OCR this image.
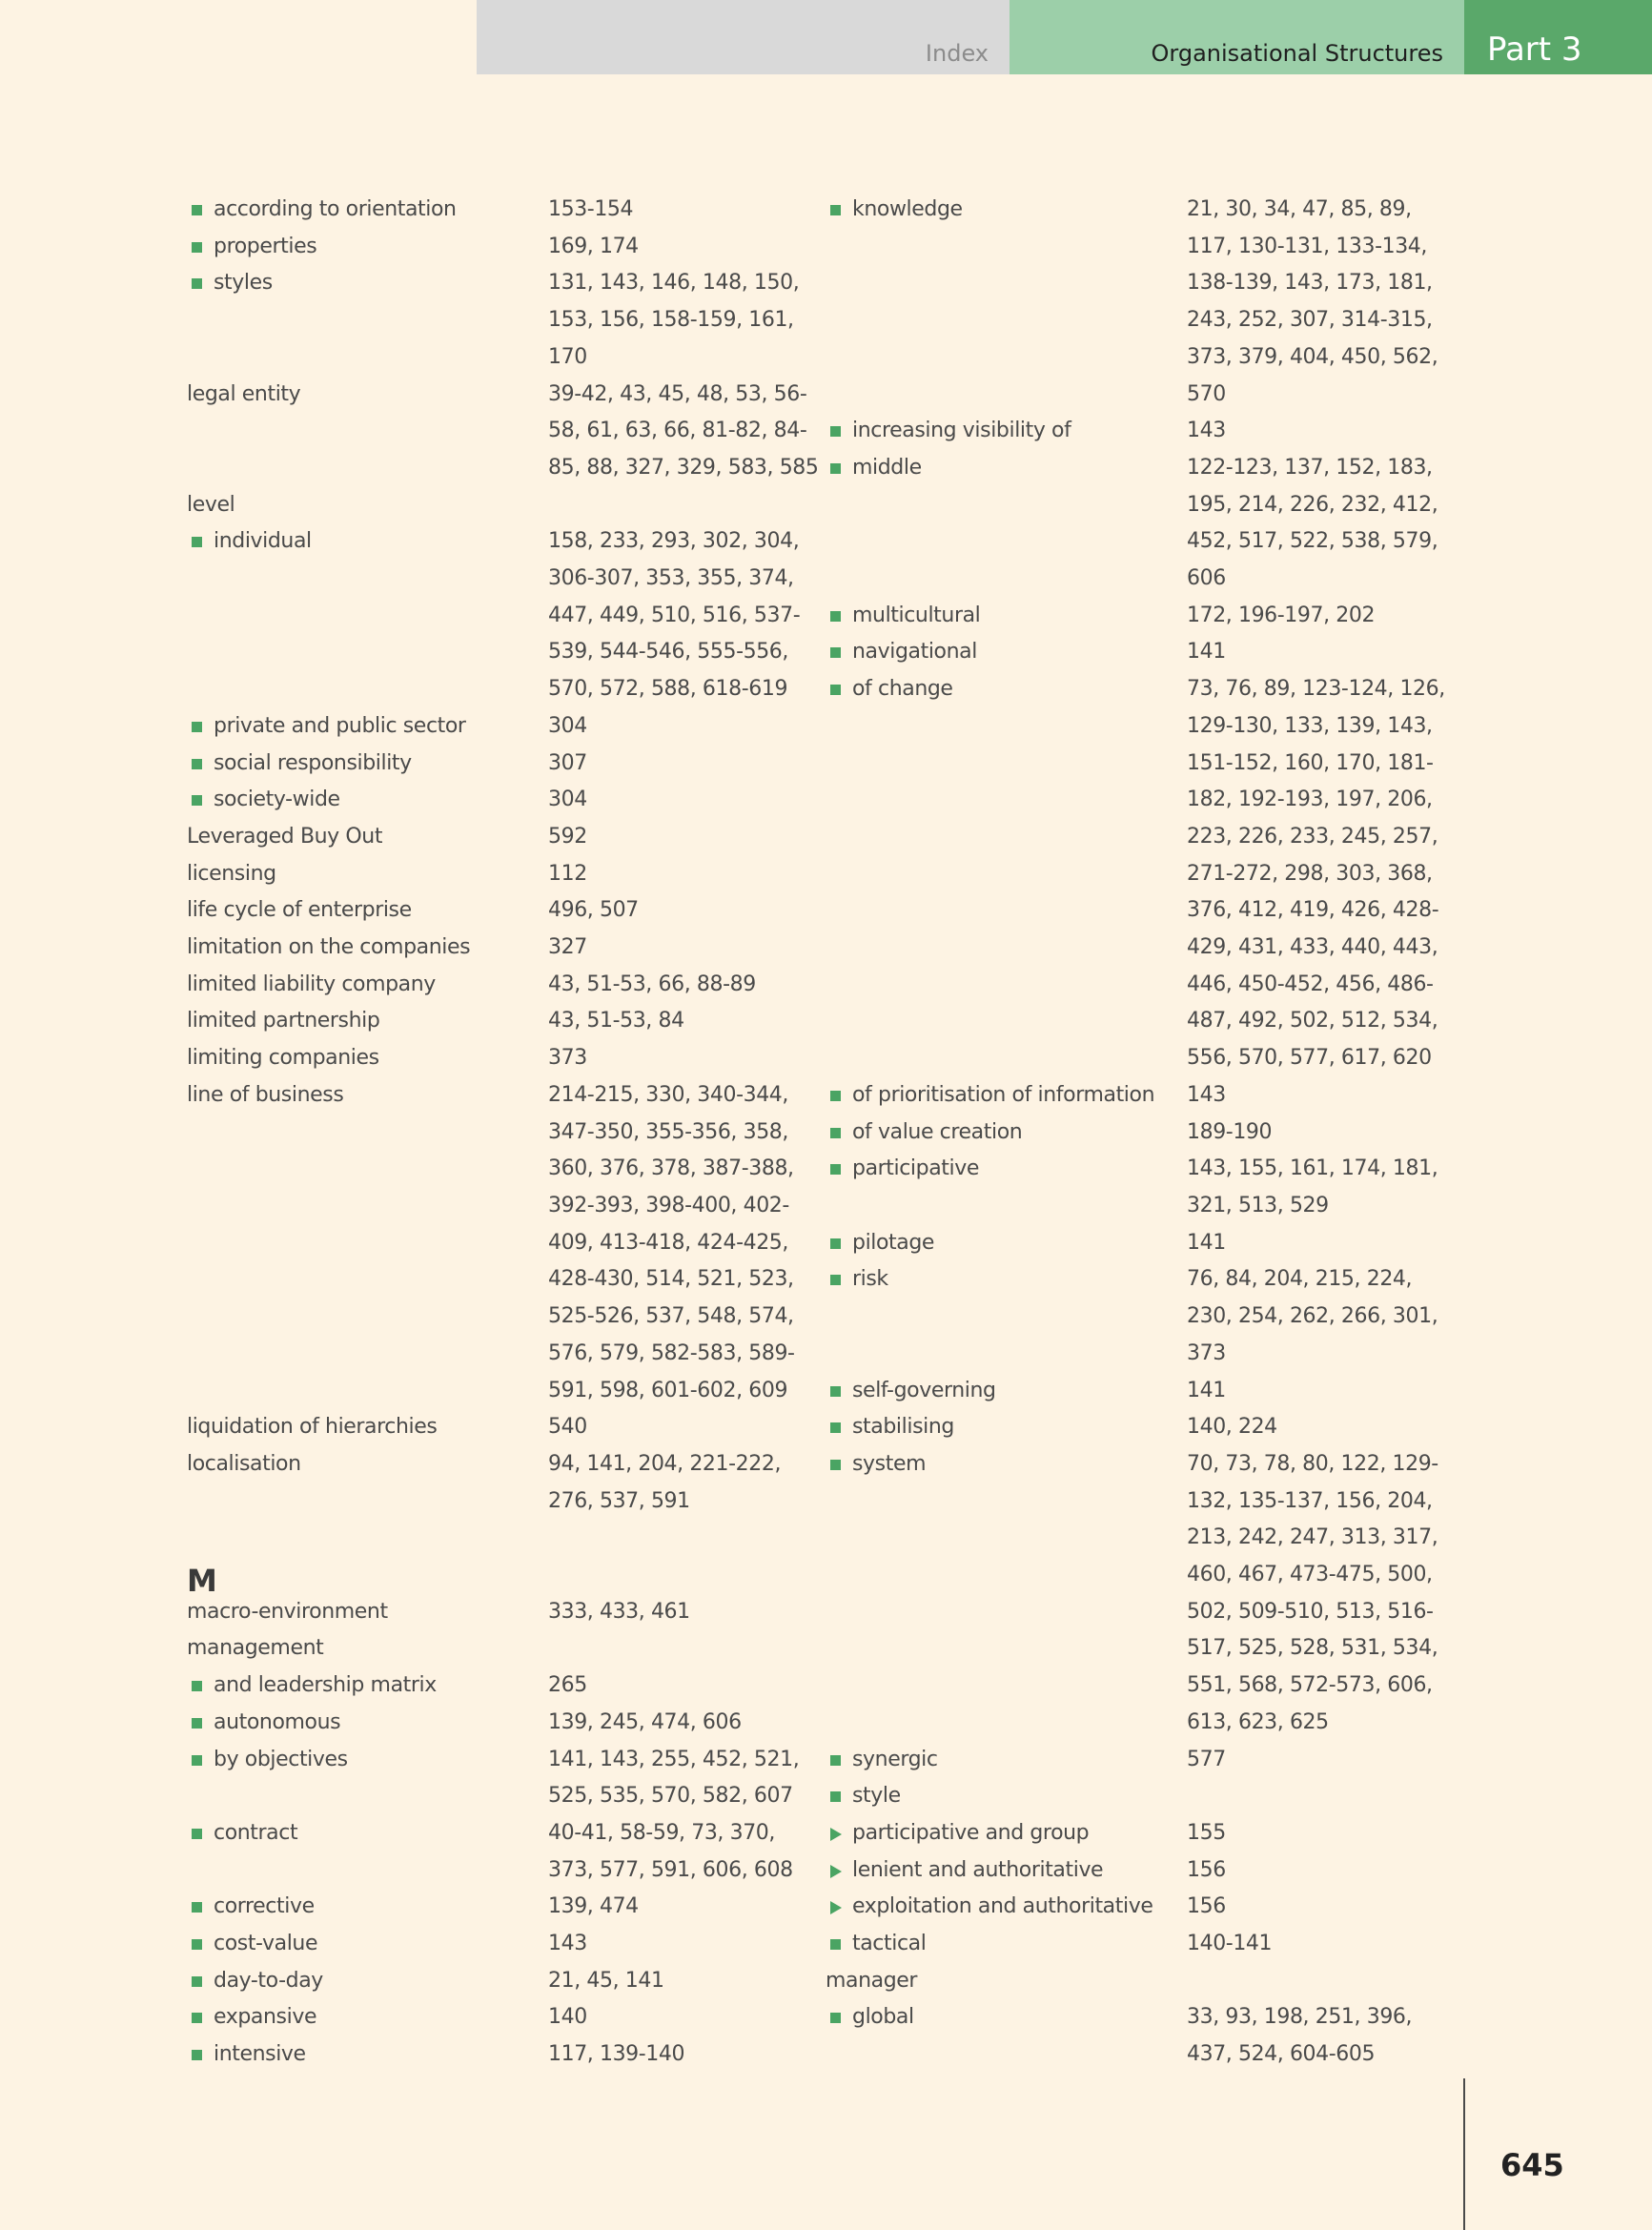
Index	Organisational Structures Part 3
according to orientation	153-154
properties	169, 174
styles	131, 143, 146, 148, 150,
153, 156, 158-159, 161,
170
legal entity	39-42, 43, 45, 48, 53, 56-
58, 61, 63, 66, 81-82, 84-
85, 88, 327, 329, 583, 585
level
individual	158, 233, 293, 302, 304,
306-307, 353, 355, 374,
447, 449, 510, 516, 537-
539, 544-546, 555-556,
570, 572, 588, 618-619
private and public sector	304
social responsibility	307
society-wide	304
Leveraged Buy Out	592
licensing	112
life cycle of enterprise	496, 507
limitation on the companies	327
limited liability company	43, 51-53, 66, 88-89
limited partnership	43, 51-53, 84
limiting companies	373
line of business	214-215, 330, 340-344,
347-350, 355-356, 358,
360, 376, 378, 387-388,
392-393, 398-400, 402-
409, 413-418, 424-425,
428-430, 514, 521, 523,
525-526, 537, 548, 574,
576, 579, 582-583, 589-
591, 598, 601-602, 609
liquidation of hierarchies	540
localisation	94, 141, 204, 221-222,
276, 537, 591
M
macro-environment	333, 433, 461
management
and leadership matrix	265
autonomous	139, 245, 474, 606
by objectives	141, 143, 255, 452, 521,
525, 535, 570, 582, 607
contract	40-41, 58-59, 73, 370,
373, 577, 591, 606, 608
corrective	139, 474
cost-value	143
day-to-day	21, 45, 141
expansive	140
intensive	117, 139-140
knowledge	21, 30, 34, 47, 85, 89,
117, 130-131, 133-134,
138-139, 143, 173, 181,
243, 252, 307, 314-315,
373, 379, 404, 450, 562,
570
increasing visibility of	143
middle	122-123, 137, 152, 183,
195, 214, 226, 232, 412,
452, 517, 522, 538, 579,
606
multicultural	172, 196-197, 202
navigational	141
of change	73, 76, 89, 123-124, 126,
129-130, 133, 139, 143,
151-152, 160, 170, 181-
182, 192-193, 197, 206,
223, 226, 233, 245, 257,
271-272, 298, 303, 368,
376, 412, 419, 426, 428-
429, 431, 433, 440, 443,
446, 450-452, 456, 486-
487, 492, 502, 512, 534,
556, 570, 577, 617, 620
of prioritisation of information	143
of value creation	189-190
participative	143, 155, 161, 174, 181,
321, 513, 529
pilotage	141
risk	76, 84, 204, 215, 224,
230, 254, 262, 266, 301,
373
self-governing	141
stabilising	140, 224
system	70, 73, 78, 80, 122, 129-
132, 135-137, 156, 204,
213, 242, 247, 313, 317,
460, 467, 473-475, 500,
502, 509-510, 513, 516-
517, 525, 528, 531, 534,
551, 568, 572-573, 606,
613, 623, 625
synergic	577
style
participative and group	155
lenient and authoritative	156
exploitation and authoritative	156
tactical	140-141
manager
global	33, 93, 198, 251, 396,
437, 524, 604-605
645
